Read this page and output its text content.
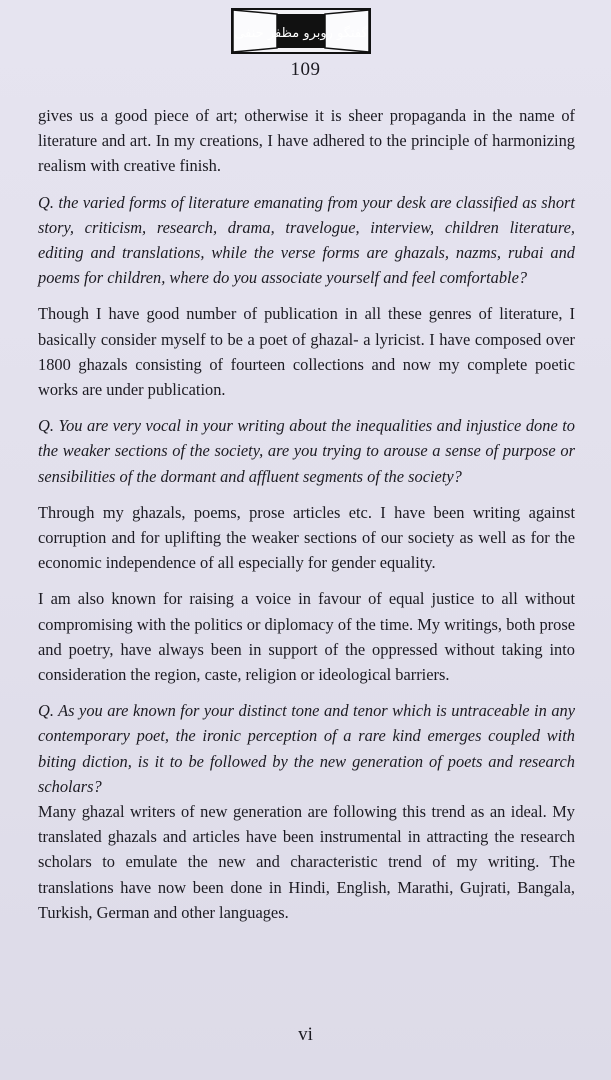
گفتگو روبرو مظفر حنفی
109

gives us a good piece of art; otherwise it is sheer propaganda in the name of literature and art. In my creations, I have adhered to the principle of harmonizing realism with creative finish.

Q. the varied forms of literature emanating from your desk are classified as short story, criticism, research, drama, travelogue, interview, children literature, editing and translations, while the verse forms are ghazals, nazms, rubai and poems for children, where do you associate yourself and feel comfortable?

Though I have good number of publication in all these genres of literature, I basically consider myself to be a poet of ghazal- a lyricist. I have composed over 1800 ghazals consisting of fourteen collections and now my complete poetic works are under publication.

Q. You are very vocal in your writing about the inequalities and injustice done to the weaker sections of the society, are you trying to arouse a sense of purpose or sensibilities of the dormant and affluent segments of the society?

Through my ghazals, poems, prose articles etc. I have been writing against corruption and for uplifting the weaker sections of our society as well as for the economic independence of all especially for gender equality.

I am also known for raising a voice in favour of equal justice to all without compromising with the politics or diplomacy of the time. My writings, both prose and poetry, have always been in support of the oppressed without taking into consideration the region, caste, religion or ideological barriers.

Q. As you are known for your distinct tone and tenor which is untraceable in any contemporary poet, the ironic perception of a rare kind emerges coupled with biting diction, is it to be followed by the new generation of poets and research scholars?

Many ghazal writers of new generation are following this trend as an ideal. My translated ghazals and articles have been instrumental in attracting the research scholars to emulate the new and characteristic trend of my writing. The translations have now been done in Hindi, English, Marathi, Gujrati, Bangala, Turkish, German and other languages.

vi
